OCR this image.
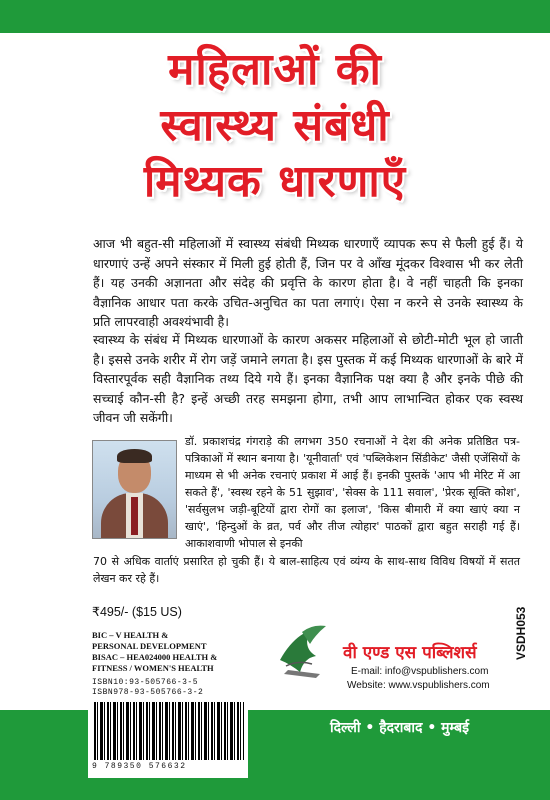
महिलाओं की
स्वास्थ्य संबंधी
मिथ्यक धारणाएँ
आज भी बहुत-सी महिलाओं में स्वास्थ्य संबंधी मिथ्यक धारणाएँ व्यापक रूप से फैली हुई हैं। ये धारणाएं उन्हें अपने संस्कार में मिली हुई होती हैं, जिन पर वे आँख मूंदकर विश्वास भी कर लेती हैं। यह उनकी अज्ञानता और संदेह की प्रवृत्ति के कारण होता है। वे नहीं चाहती कि इनका वैज्ञानिक आधार पता करके उचित-अनुचित का पता लगाएं। ऐसा न करने से उनके स्वास्थ्य के प्रति लापरवाही अवश्यंभावी है।
स्वास्थ्य के संबंध में मिथ्यक धारणाओं के कारण अकसर महिलाओं से छोटी-मोटी भूल हो जाती है। इससे उनके शरीर में रोग जड़ें जमाने लगता है। इस पुस्तक में कई मिथ्यक धारणाओं के बारे में विस्तारपूर्वक सही वैज्ञानिक तथ्य दिये गये हैं। इनका वैज्ञानिक पक्ष क्या है और इनके पीछे की सच्चाई कौन-सी है? इन्हें अच्छी तरह समझना होगा, तभी आप लाभान्वित होकर एक स्वस्थ जीवन जी सकेंगी।
डॉ. प्रकाशचंद्र गंगराड़े की लगभग 350 रचनाओं ने देश की अनेक प्रतिष्ठित पत्र-पत्रिकाओं में स्थान बनाया है। 'यूनीवार्ता' एवं 'पब्लिकेशन सिंडीकेट' जैसी एजेंसियों के माध्यम से भी अनेक रचनाएं प्रकाश में आई हैं। इनकी पुस्तकें 'आप भी मेरिट में आ सकते हैं', 'स्वस्थ रहने के 51 सुझाव', 'सेक्स के 111 सवाल', 'प्रेरक सूक्ति कोश', 'सर्वसुलभ जड़ी-बूटियों द्वारा रोगों का इलाज', 'किस बीमारी में क्या खाएं क्या न खाएं', 'हिन्दुओं के व्रत, पर्व और तीज त्योहार' पाठकों द्वारा बहुत सराही गई हैं। आकाशवाणी भोपाल से इनकी
70 से अधिक वार्ताएं प्रसारित हो चुकी हैं। ये बाल-साहित्य एवं व्यंग्य के साथ-साथ विविध विषयों में सतत लेखन कर रहे हैं।
₹495/- ($15 US)
BIC – V HEALTH &
PERSONAL DEVELOPMENT
BISAC – HEA024000 HEALTH &
FITNESS / WOMEN'S HEALTH
ISBN10:93-505766-3-5
ISBN978-93-505766-3-2
9 789350 576632
VSDH053
वी एण्ड एस पब्लिशर्स
E-mail: info@vspublishers.com
Website: www.vspublishers.com
दिल्ली • हैदराबाद • मुम्बई
